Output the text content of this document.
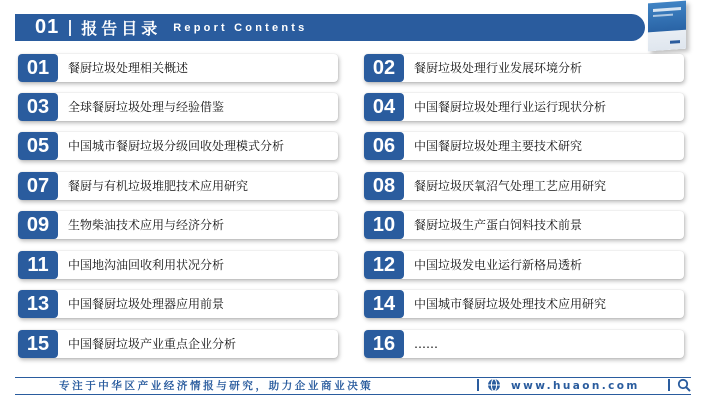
01 报告目录 Report Contents
01	餐厨垃圾处理相关概述	02	餐厨垃圾处理行业发展环境分析
03	全球餐厨垃圾处理与经验借鉴	04	中国餐厨垃圾处理行业运行现状分析
05	中国城市餐厨垃圾分级回收处理模式分析	06	中国餐厨垃圾处理主要技术研究
07	餐厨与有机垃圾堆肥技术应用研究	08	餐厨垃圾厌氧沼气处理工艺应用研究
09	生物柴油技术应用与经济分析	10	餐厨垃圾生产蛋白饲料技术前景
11	中国地沟油回收利用状况分析	12	中国垃圾发电业运行新格局透析
13	中国餐厨垃圾处理器应用前景	14	中国城市餐厨垃圾处理技术应用研究
15	中国餐厨垃圾产业重点企业分析	16	……
专注于中华区产业经济情报与研究，助力企业商业决策	www.huaon.com
